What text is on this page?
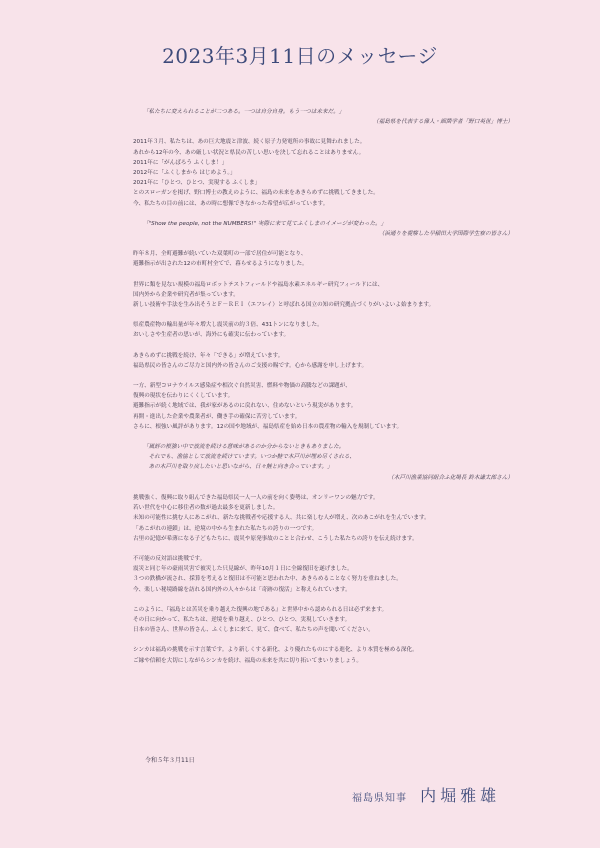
2023年3月11日のメッセージ

「私たちに変えられることが二つある。一つは自分自身。もう一つは未来だ。」

（福島県を代表する偉人・細菌学者「野口英世」博士）

2011年３月、私たちは、あの巨大地震と津波、続く原子力発電所の事故に見舞われました。

あれから12年の今、あの厳しい状況と県民の苦しい思いを決して忘れることはありません。

2011年に「がんばろう ふくしま！」

2012年に「ふくしまから はじめよう。」

2021年に「ひとつ、ひとつ、実現する ふくしま」

とのスローガンを掲げ、野口博士の教えのように、福島の未来をあきらめずに挑戦してきました。

今、私たちの目の前には、あの時に想像できなかった希望が広がっています。

「"Show the people, not the NUMBERS!" 実際に来て見てふくしまのイメージが変わった。」

（浜通りを視察した早稲田大学国際学生寮の皆さん）

昨年８月、全町避難が続いていた双葉町の一部で居住が可能となり、

避難指示が出された12の市町村全てで、暮らせるようになりました。

世界に類を見ない規模の福島ロボットテストフィールドや福島水素エネルギー研究フィールドには、

国内外から企業や研究者が集っています。

新しい技術や手法を生み出そうとＦ－ＲＥＩ（エフレイ）と呼ばれる国立の知の研究拠点づくりがいよいよ始まります。

県産農産物の輸出量が年々増大し震災前の約３倍、431トンになりました。

おいしさや生産者の思いが、海外にも確実に伝わっています。

あきらめずに挑戦を続け、年々「できる」が増えています。

福島県民の皆さんのご尽力と国内外の皆さんのご支援の賜です。心から感謝を申し上げます。

一方、新型コロナウイルス感染症や相次ぐ自然災害、燃料や物価の高騰などの課題が、

復興の現状を伝わりにくくしています。

避難指示が続く地域では、我が家があるのに戻れない、住めないという現実があります。

再開・進出した企業や農業者が、働き手の確保に苦労しています。

さらに、根強い風評があります。12の国や地域が、福島県産を始め日本の農産物の輸入を規制しています。

「風評の根強い中で放流を続ける意味があるのか分からないときもありました。

　それでも、漁協として放流を続けています。いつか鮭で木戸川が埋め尽くされる、

　あの木戸川を取り戻したいと思いながら、日々鮭と向き合っています。」

（木戸川漁業協同組合ふ化場長 鈴木謙太郎さん）

挑戦強く、復興に取り組んできた福島県民一人一人の前を向く姿勢は、オンリーワンの魅力です。

若い世代を中心に移住者の数が過去最多を更新しました。

未知の可能性に挑む人にあこがれ、新たな挑戦者や応援する人、共に楽しむ人が増え、次のあこがれを生んでいます。

「あこがれの連鎖」は、逆境の中から生まれた私たちの誇りの一つです。

古里の記憶が希薄になる子どもたちに、震災や原発事故のことと合わせ、こうした私たちの誇りを伝え続けます。

不可能の反対語は挑戦です。

震災と同じ年の豪雨災害で被災した只見線が、昨年10月１日に全線復旧を遂げました。

３つの鉄橋が流され、採算を考えると復旧は不可能と思われた中、あきらめることなく努力を重ねました。

今、楽しい秘境路線を訪れる国内外の人々からは「奇跡の復活」と称えられています。

このように、『福島とは苦災を乗り越えた復興の地である』と世界中から認められる日は必ず来ます。

その日に向かって、私たちは、逆境を乗り越え、ひとつ、ひとつ、実現していきます。

日本の皆さん、世界の皆さん、ふくしまに来て、見て、食べて、私たちの声を聞いてください。

シンカは福島の挑戦を示す言葉です。より新しくする新化、より優れたものにする進化、より本質を極める深化。

ご縁や信頼を大切にしながらシンカを続け、福島の未来を共に切り拓いてまいりましょう。

令和５年３月11日
福島県知事 内堀雅雄
